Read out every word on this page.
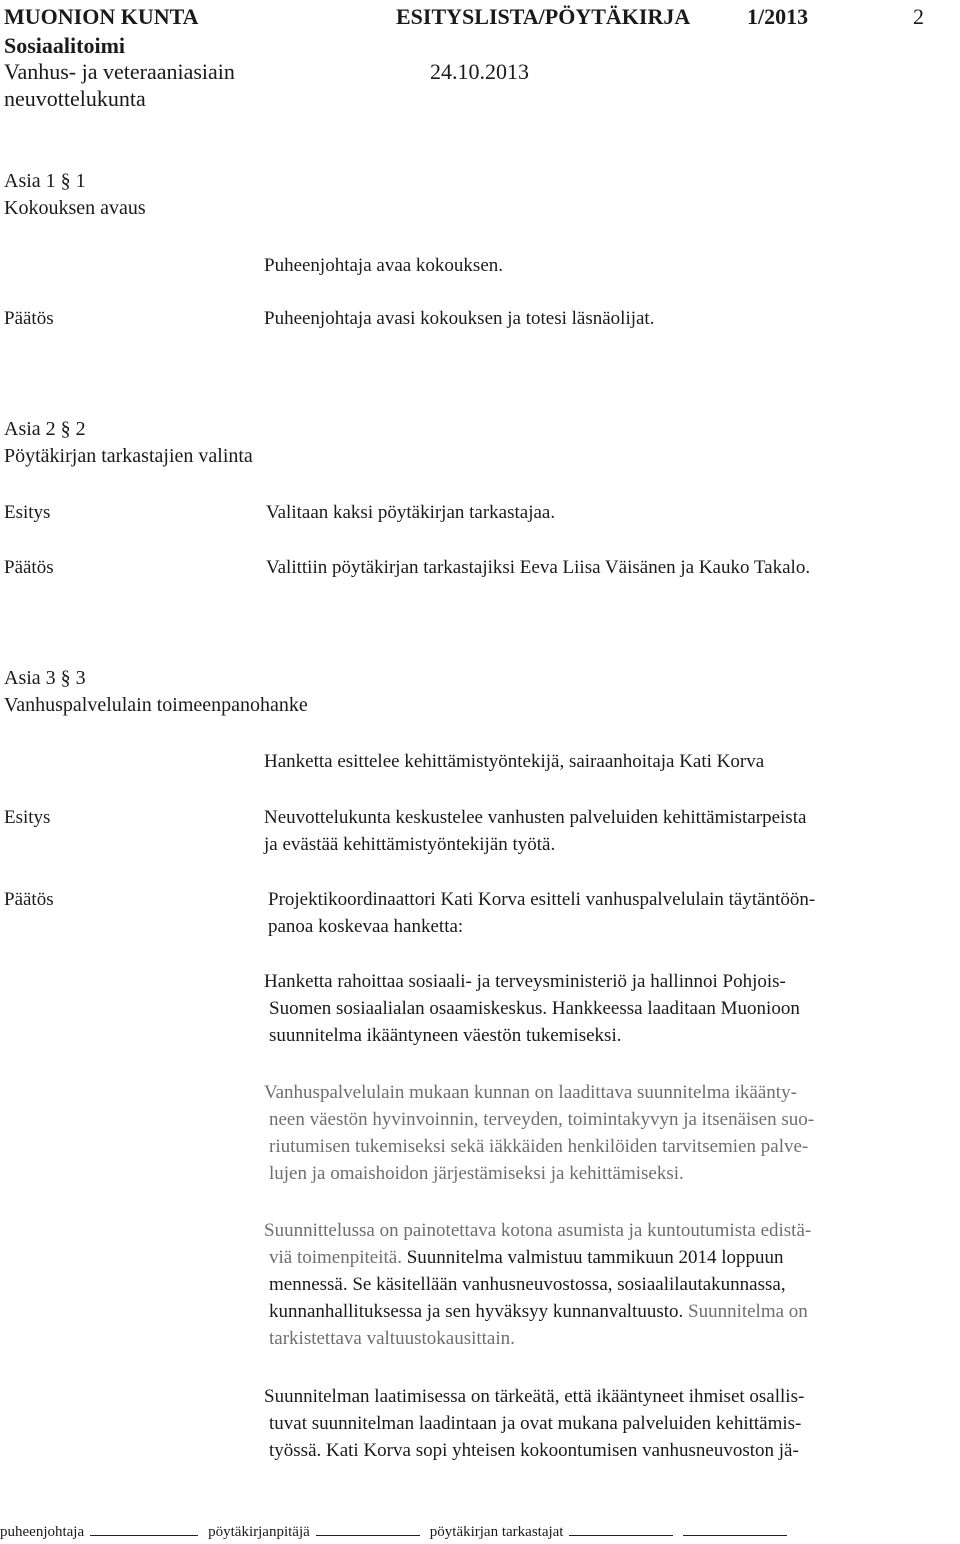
MUONION KUNTA	ESITYSLISTA/PÖYTÄKIRJA	1/2013	2
Sosiaalitoimi
Vanhus- ja veteraaniasiain	24.10.2013
neuvottelukunta
Asia 1 § 1
Kokouksen avaus
Puheenjohtaja avaa kokouksen.
Päätös	Puheenjohtaja avasi kokouksen ja totesi läsnäolijat.
Asia 2 § 2
Pöytäkirjan tarkastajien valinta
Esitys	Valitaan kaksi pöytäkirjan tarkastajaa.
Päätös	Valittiin pöytäkirjan tarkastajiksi Eeva Liisa Väisänen ja Kauko Takalo.
Asia 3 § 3
Vanhuspalvelulain toimeenpanohanke
Hanketta esittelee kehittämistyöntekijä, sairaanhoitaja Kati Korva
Esitys	Neuvottelukunta keskustelee vanhusten palveluiden kehittämistarpeista
ja evästää kehittämistyöntekijän työtä.
Päätös	Projektikoordinaattori Kati Korva esitteli vanhuspalvelulain täytäntöön-
panoa koskevaa hanketta:
Hanketta rahoittaa sosiaali- ja terveysministeriö ja hallinnoi Pohjois-
Suomen sosiaalialan osaamiskeskus. Hankkeessa laaditaan Muonioon
suunnitelma ikääntyneen väestön tukemiseksi.
Vanhuspalvelulain mukaan kunnan on laadittava suunnitelma ikäänty-
neen väestön hyvinvoinnin, terveyden, toimintakyvyn ja itsenäisen suo-
riutumisen tukemiseksi sekä iäkkäiden henkilöiden tarvitsemien palve-
lujen ja omaishoidon järjestämiseksi ja kehittämiseksi.
Suunnittelussa on painotettava kotona asumista ja kuntoutumista edistä-
viä toimenpiteitä. Suunnitelma valmistuu tammikuun 2014 loppuun
mennessä. Se käsitellään vanhusneuvostossa, sosiaalilautakunnassa,
kunnanhallituksessa ja sen hyväksyy kunnanvaltuusto. Suunnitelma on
tarkistettava valtuustokausittain.
Suunnitelman laatimisessa on tärkeätä, että ikääntyneet ihmiset osallis-
tuvat suunnitelman laadintaan ja ovat mukana palveluiden kehittämis-
työssä. Kati Korva sopi yhteisen kokoontumisen vanhusneuvoston jä-
puheenjohtaja	pöytäkirjanpitäjä	pöytäkirjan tarkastajat
